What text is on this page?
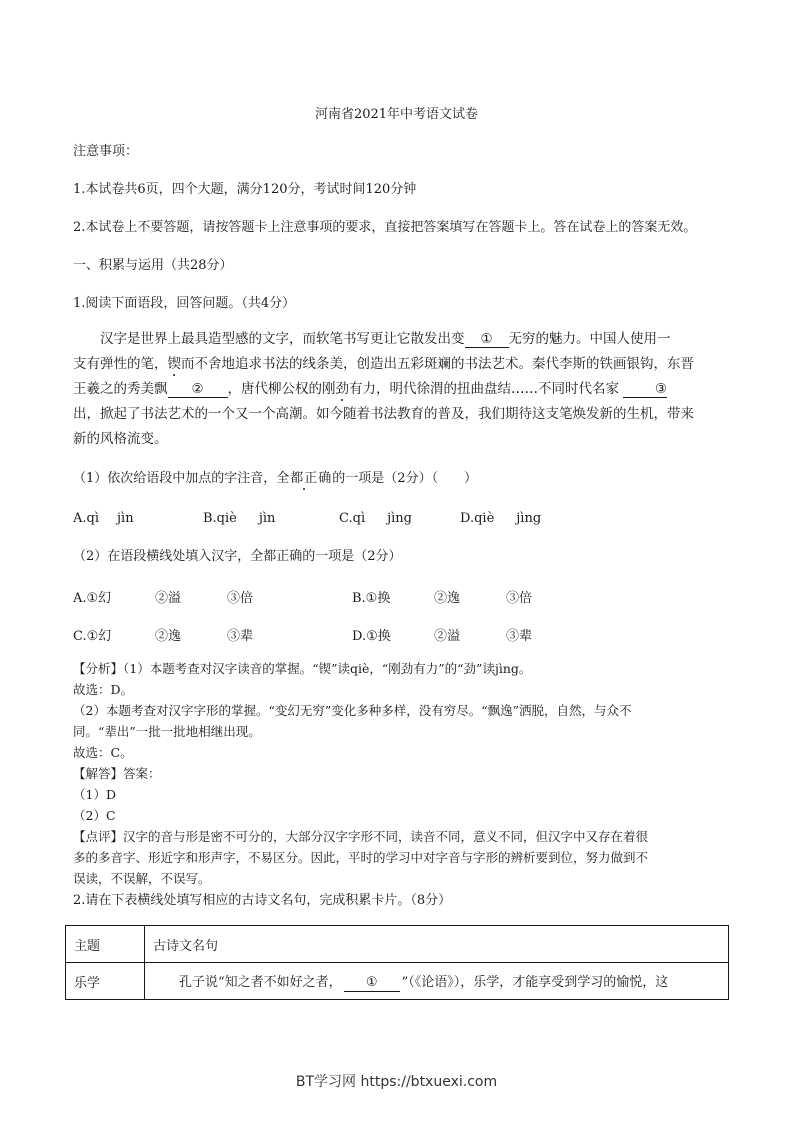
河南省2021年中考语文试卷
注意事项：
1.本试卷共6页，四个大题，满分120分，考试时间120分钟
2.本试卷上不要答题，请按答题卡上注意事项的要求，直接把答案填写在答题卡上。答在试卷上的答案无效。
一、积累与运用（共28分）
1.阅读下面语段，回答问题。（共4分）
汉字是世界上最具造型感的文字，而软笔书写更让它散发出变 ① 无穷的魅力。中国人使用一
支有弹性的笔，锲而不舍地追求书法的线条美，创造出五彩斑斓的书法艺术。秦代李斯的铁画银钩，东晋
王羲之的秀美飘 ② ，唐代柳公权的刚劲有力，明代徐渭的扭曲盘结……不同时代名家	③
出，掀起了书法艺术的一个又一个高潮。如今随着书法教育的普及，我们期待这支笔焕发新的生机，带来
新的风格流变。
（1）依次给语段中加点的字注音，全都正确的一项是（2分）（　　）
A.qì jìn	B.qiè jìn	C.qì jìng	D.qiè jìng
（2）在语段横线处填入汉字，全都正确的一项是（2分）
A.①幻	②溢	③倍	B.①换	②逸	③倍
C.①幻	②逸	③辈	D.①换	②溢	③辈
【分析】（1）本题考查对汉字读音的掌握。“锲”读qiè，“刚劲有力”的“劲”读jìng。
故选：D。
（2）本题考查对汉字字形的掌握。“变幻无穷”变化多种多样，没有穷尽。“飘逸”洒脱，自然，与众不
同。“辈出”一批一批地相继出现。
故选：C。
【解答】答案：
（1）D
（2）C
【点评】汉字的音与形是密不可分的，大部分汉字字形不同，读音不同，意义不同，但汉字中又存在着很
多的多音字、形近字和形声字，不易区分。因此，平时的学习中对字音与字形的辨析要到位，努力做到不
误读，不误解，不误写。
2.请在下表横线处填写相应的古诗文名句，完成积累卡片。（8分）
主题	古诗文名句
乐学	孔子说“知之者不如好之者， ① ”（《论语》），乐学，才能享受到学习的愉悦，这
BT学习网 https://btxuexi.com
